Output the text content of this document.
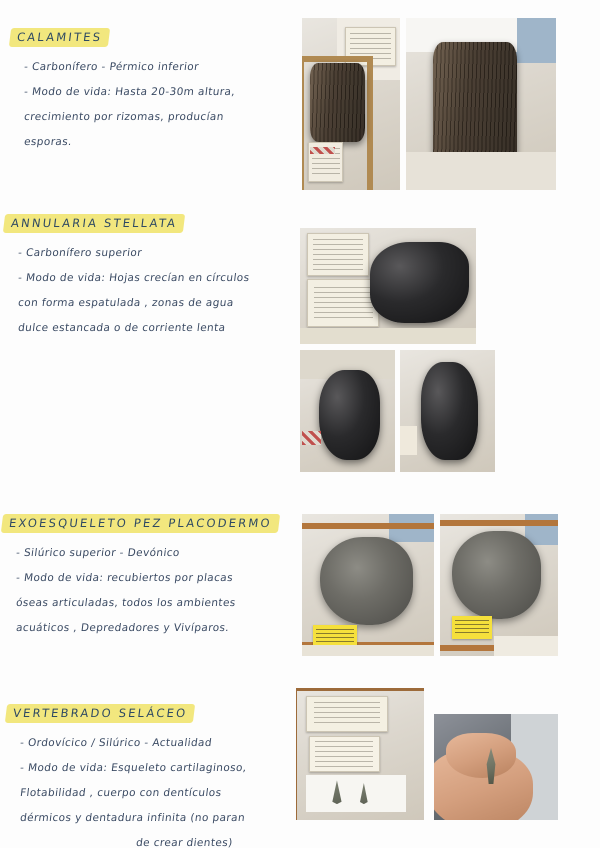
CALAMITES
- Carbonífero - Pérmico inferior
- Modo de vida: Hasta 20-30m altura,
crecimiento por rizomas, producían
esporas.
ANNULARIA STELLATA
- Carbonífero superior
- Modo de vida: Hojas crecían en círculos
con forma espatulada , zonas de agua
dulce estancada o de corriente lenta
EXOESQUELETO PEZ PLACODERMO
- Silúrico superior - Devónico
- Modo de vida: recubiertos por placas
óseas articuladas, todos los ambientes
acuáticos , Depredadores y Vivíparos.
VERTEBRADO SELÁCEO
- Ordovícico / Silúrico - Actualidad
- Modo de vida: Esqueleto cartilaginoso,
Flotabilidad , cuerpo con dentículos
dérmicos y dentadura infinita (no paran
de crear dientes)
